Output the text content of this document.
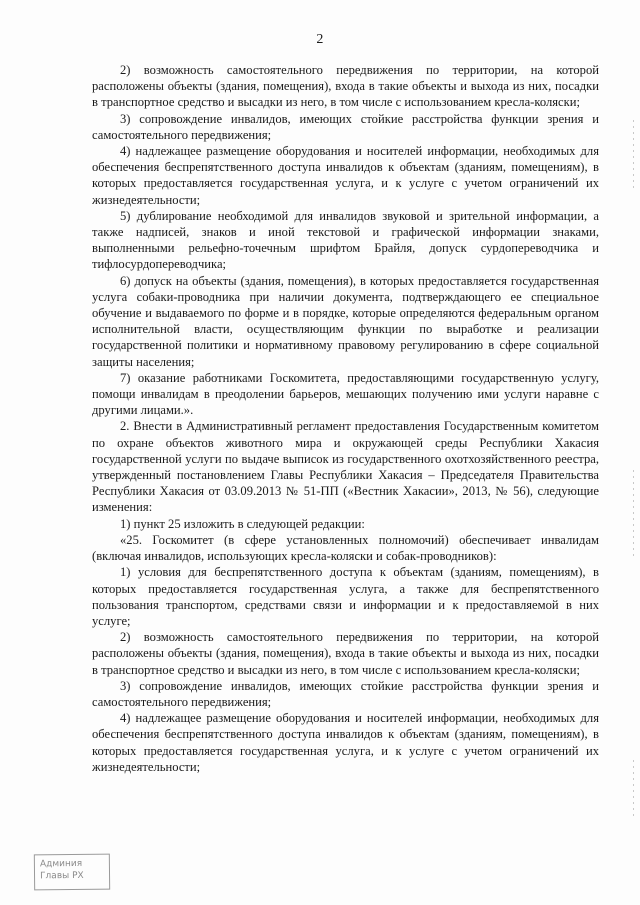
2

2) возможность самостоятельного передвижения по территории, на которой расположены объекты (здания, помещения), входа в такие объекты и выхода из них, посадки в транспортное средство и высадки из него, в том числе с использованием кресла-коляски;

3) сопровождение инвалидов, имеющих стойкие расстройства функции зрения и самостоятельного передвижения;

4) надлежащее размещение оборудования и носителей информации, необходимых для обеспечения беспрепятственного доступа инвалидов к объектам (зданиям, помещениям), в которых предоставляется государственная услуга, и к услуге с учетом ограничений их жизнедеятельности;

5) дублирование необходимой для инвалидов звуковой и зрительной информации, а также надписей, знаков и иной текстовой и графической информации знаками, выполненными рельефно-точечным шрифтом Брайля, допуск сурдопереводчика и тифлосурдопереводчика;

6) допуск на объекты (здания, помещения), в которых предоставляется государственная услуга собаки-проводника при наличии документа, подтверждающего ее специальное обучение и выдаваемого по форме и в порядке, которые определяются федеральным органом исполнительной власти, осуществляющим функции по выработке и реализации государственной политики и нормативному правовому регулированию в сфере социальной защиты населения;

7) оказание работниками Госкомитета, предоставляющими государственную услугу, помощи инвалидам в преодолении барьеров, мешающих получению ими услуги наравне с другими лицами.».

2. Внести в Административный регламент предоставления Государственным комитетом по охране объектов животного мира и окружающей среды Республики Хакасия государственной услуги по выдаче выписок из государственного охотхозяйственного реестра, утвержденный постановлением Главы Республики Хакасия – Председателя Правительства Республики Хакасия от 03.09.2013 № 51-ПП («Вестник Хакасии», 2013, № 56), следующие изменения:

1) пункт 25 изложить в следующей редакции:

«25. Госкомитет (в сфере установленных полномочий) обеспечивает инвалидам (включая инвалидов, использующих кресла-коляски и собак-проводников):

1) условия для беспрепятственного доступа к объектам (зданиям, помещениям), в которых предоставляется государственная услуга, а также для беспрепятственного пользования транспортом, средствами связи и информации и к предоставляемой в них услуге;

2) возможность самостоятельного передвижения по территории, на которой расположены объекты (здания, помещения), входа в такие объекты и выхода из них, посадки в транспортное средство и высадки из него, в том числе с использованием кресла-коляски;

3) сопровождение инвалидов, имеющих стойкие расстройства функции зрения и самостоятельного передвижения;

4) надлежащее размещение оборудования и носителей информации, необходимых для обеспечения беспрепятственного доступа инвалидов к объектам (зданиям, помещениям), в которых предоставляется государственная услуга, и к услуге с учетом ограничений их жизнедеятельности;

Админия
Главы РХ
